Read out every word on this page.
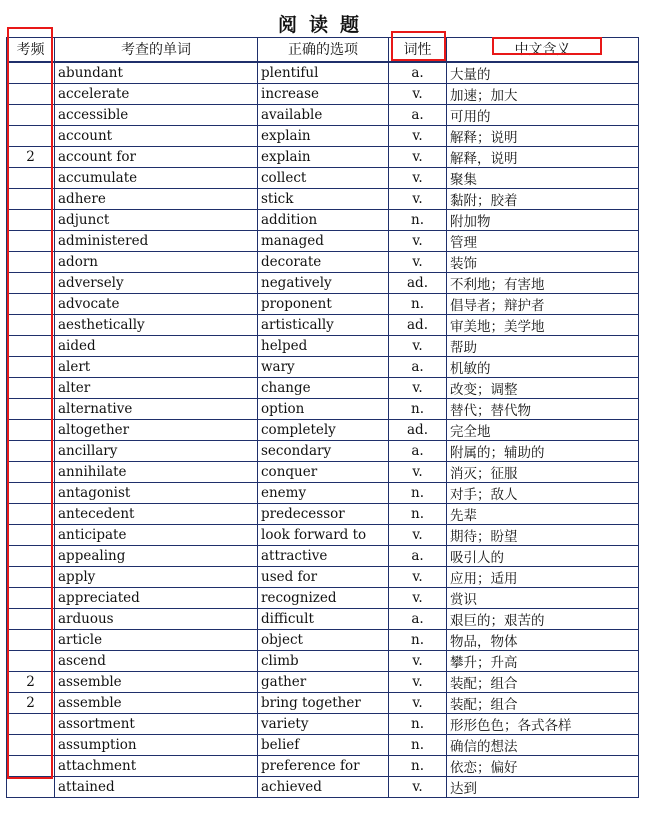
阅读题
考频	考查的单词	正确的选项	词性	中文含义
	abundant	plentiful	a.	大量的
	accelerate	increase	v.	加速；加大
	accessible	available	a.	可用的
	account	explain	v.	解释；说明
2	account for	explain	v.	解释，说明
	accumulate	collect	v.	聚集
	adhere	stick	v.	黏附；胶着
	adjunct	addition	n.	附加物
	administered	managed	v.	管理
	adorn	decorate	v.	装饰
	adversely	negatively	ad.	不利地；有害地
	advocate	proponent	n.	倡导者；辩护者
	aesthetically	artistically	ad.	审美地；美学地
	aided	helped	v.	帮助
	alert	wary	a.	机敏的
	alter	change	v.	改变；调整
	alternative	option	n.	替代；替代物
	altogether	completely	ad.	完全地
	ancillary	secondary	a.	附属的；辅助的
	annihilate	conquer	v.	消灭；征服
	antagonist	enemy	n.	对手；敌人
	antecedent	predecessor	n.	先辈
	anticipate	look forward to	v.	期待；盼望
	appealing	attractive	a.	吸引人的
	apply	used for	v.	应用；适用
	appreciated	recognized	v.	赏识
	arduous	difficult	a.	艰巨的；艰苦的
	article	object	n.	物品，物体
	ascend	climb	v.	攀升；升高
2	assemble	gather	v.	装配；组合
2	assemble	bring together	v.	装配；组合
	assortment	variety	n.	形形色色；各式各样
	assumption	belief	n.	确信的想法
	attachment	preference for	n.	依恋；偏好
	attained	achieved	v.	达到
